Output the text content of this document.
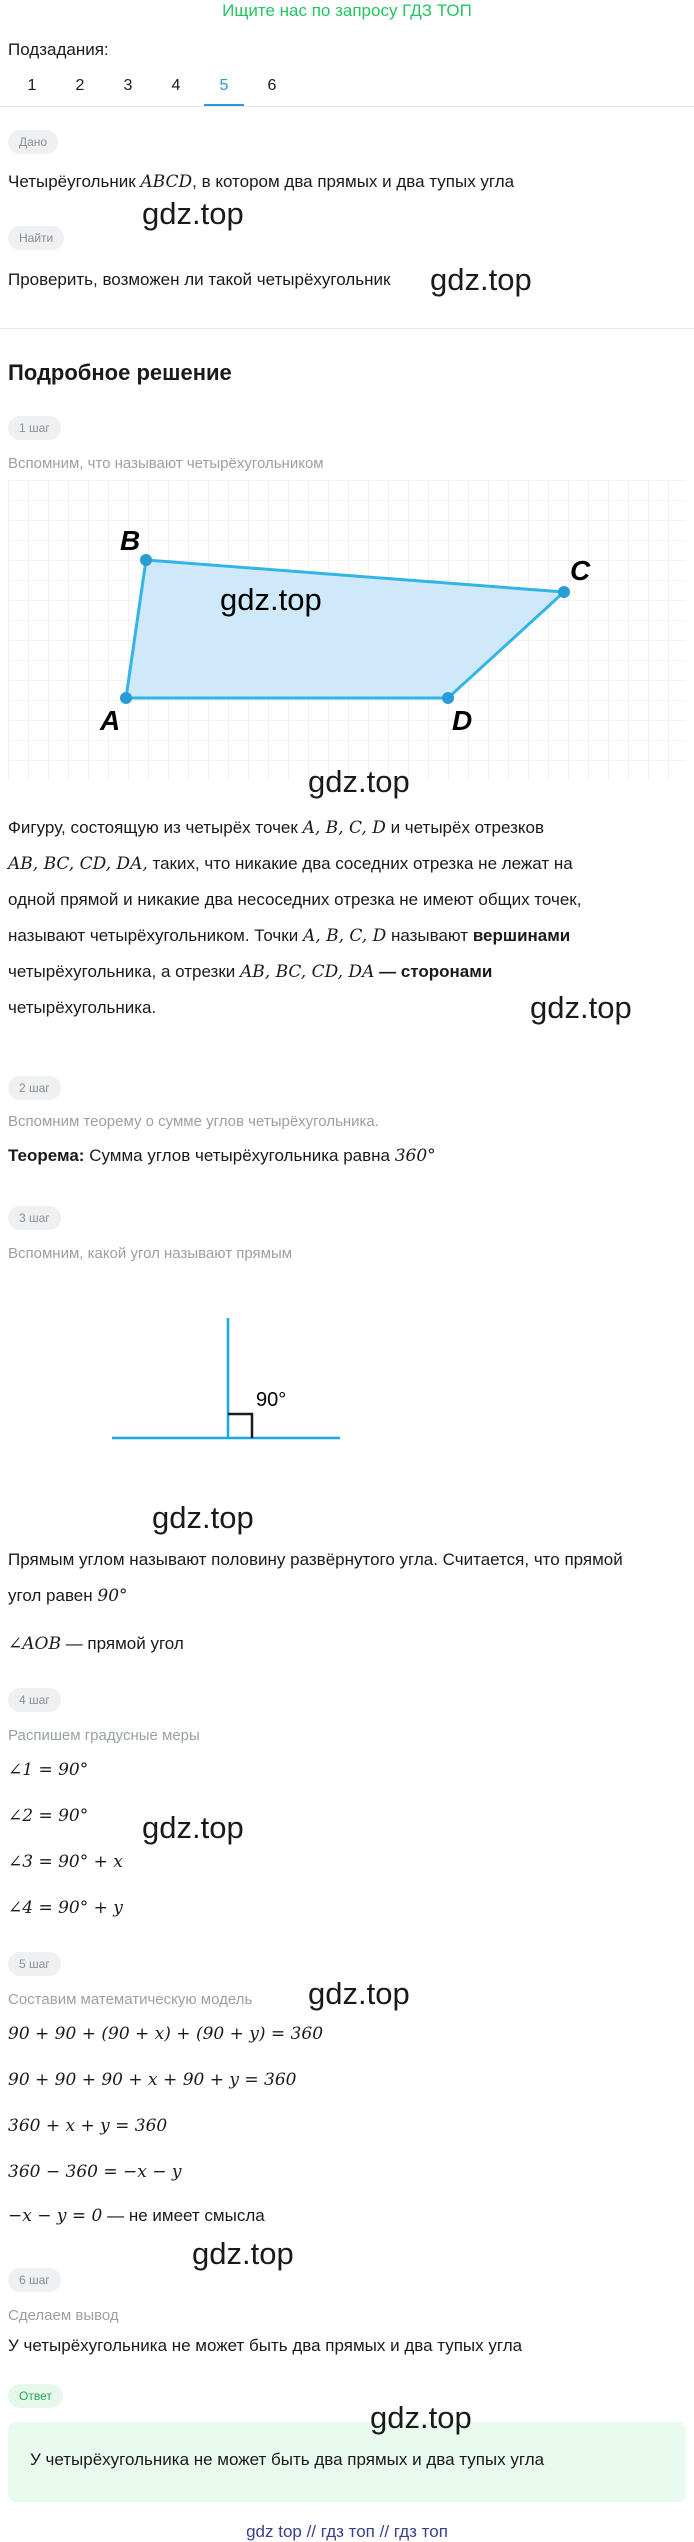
Ищите нас по запросу ГДЗ ТОП
Подзадания:
1	2	3	4	5	6
Дано
Четырёугольник ABCD, в котором два прямых и два тупых угла
gdz.top
Найти
Проверить, возможен ли такой четырёхугольник	gdz.top
Подробное решение
1 шаг
Вспомним, что называют четырёхугольником
B
C
D
A
gdz.top
gdz.top
Фигуру, состоящую из четырёх точек A, B, C, D и четырёх отрезков
AB, BC, CD, DA, таких, что никакие два соседних отрезка не лежат на
одной прямой и никакие два несоседних отрезка не имеют общих точек,
называют четырёхугольником. Точки A, B, C, D называют вершинами
четырёхугольника, а отрезки AB, BC, CD, DA — сторонами
четырёхугольника.	gdz.top
2 шаг
Вспомним теорему о сумме углов четырёхугольника.
Теорема: Сумма углов четырёхугольника равна 360°
3 шаг
Вспомним, какой угол называют прямым
90°
gdz.top
Прямым углом называют половину развёрнутого угла. Считается, что прямой
угол равен 90°
∠AOB — прямой угол
4 шаг
Распишем градусные меры
∠1 = 90°
∠2 = 90°	gdz.top
∠3 = 90° + x
∠4 = 90° + y
5 шаг
Составим математическую модель	gdz.top
90 + 90 + (90 + x) + (90 + y) = 360
90 + 90 + 90 + x + 90 + y = 360
360 + x + y = 360
360 − 360 = −x − y
−x − y = 0 — не имеет смысла
gdz.top
6 шаг
Сделаем вывод
У четырёхугольника не может быть два прямых и два тупых угла
Ответ
У четырёхугольника не может быть два прямых и два тупых угла
gdz.top
gdz top // гдз топ // гдз топ
